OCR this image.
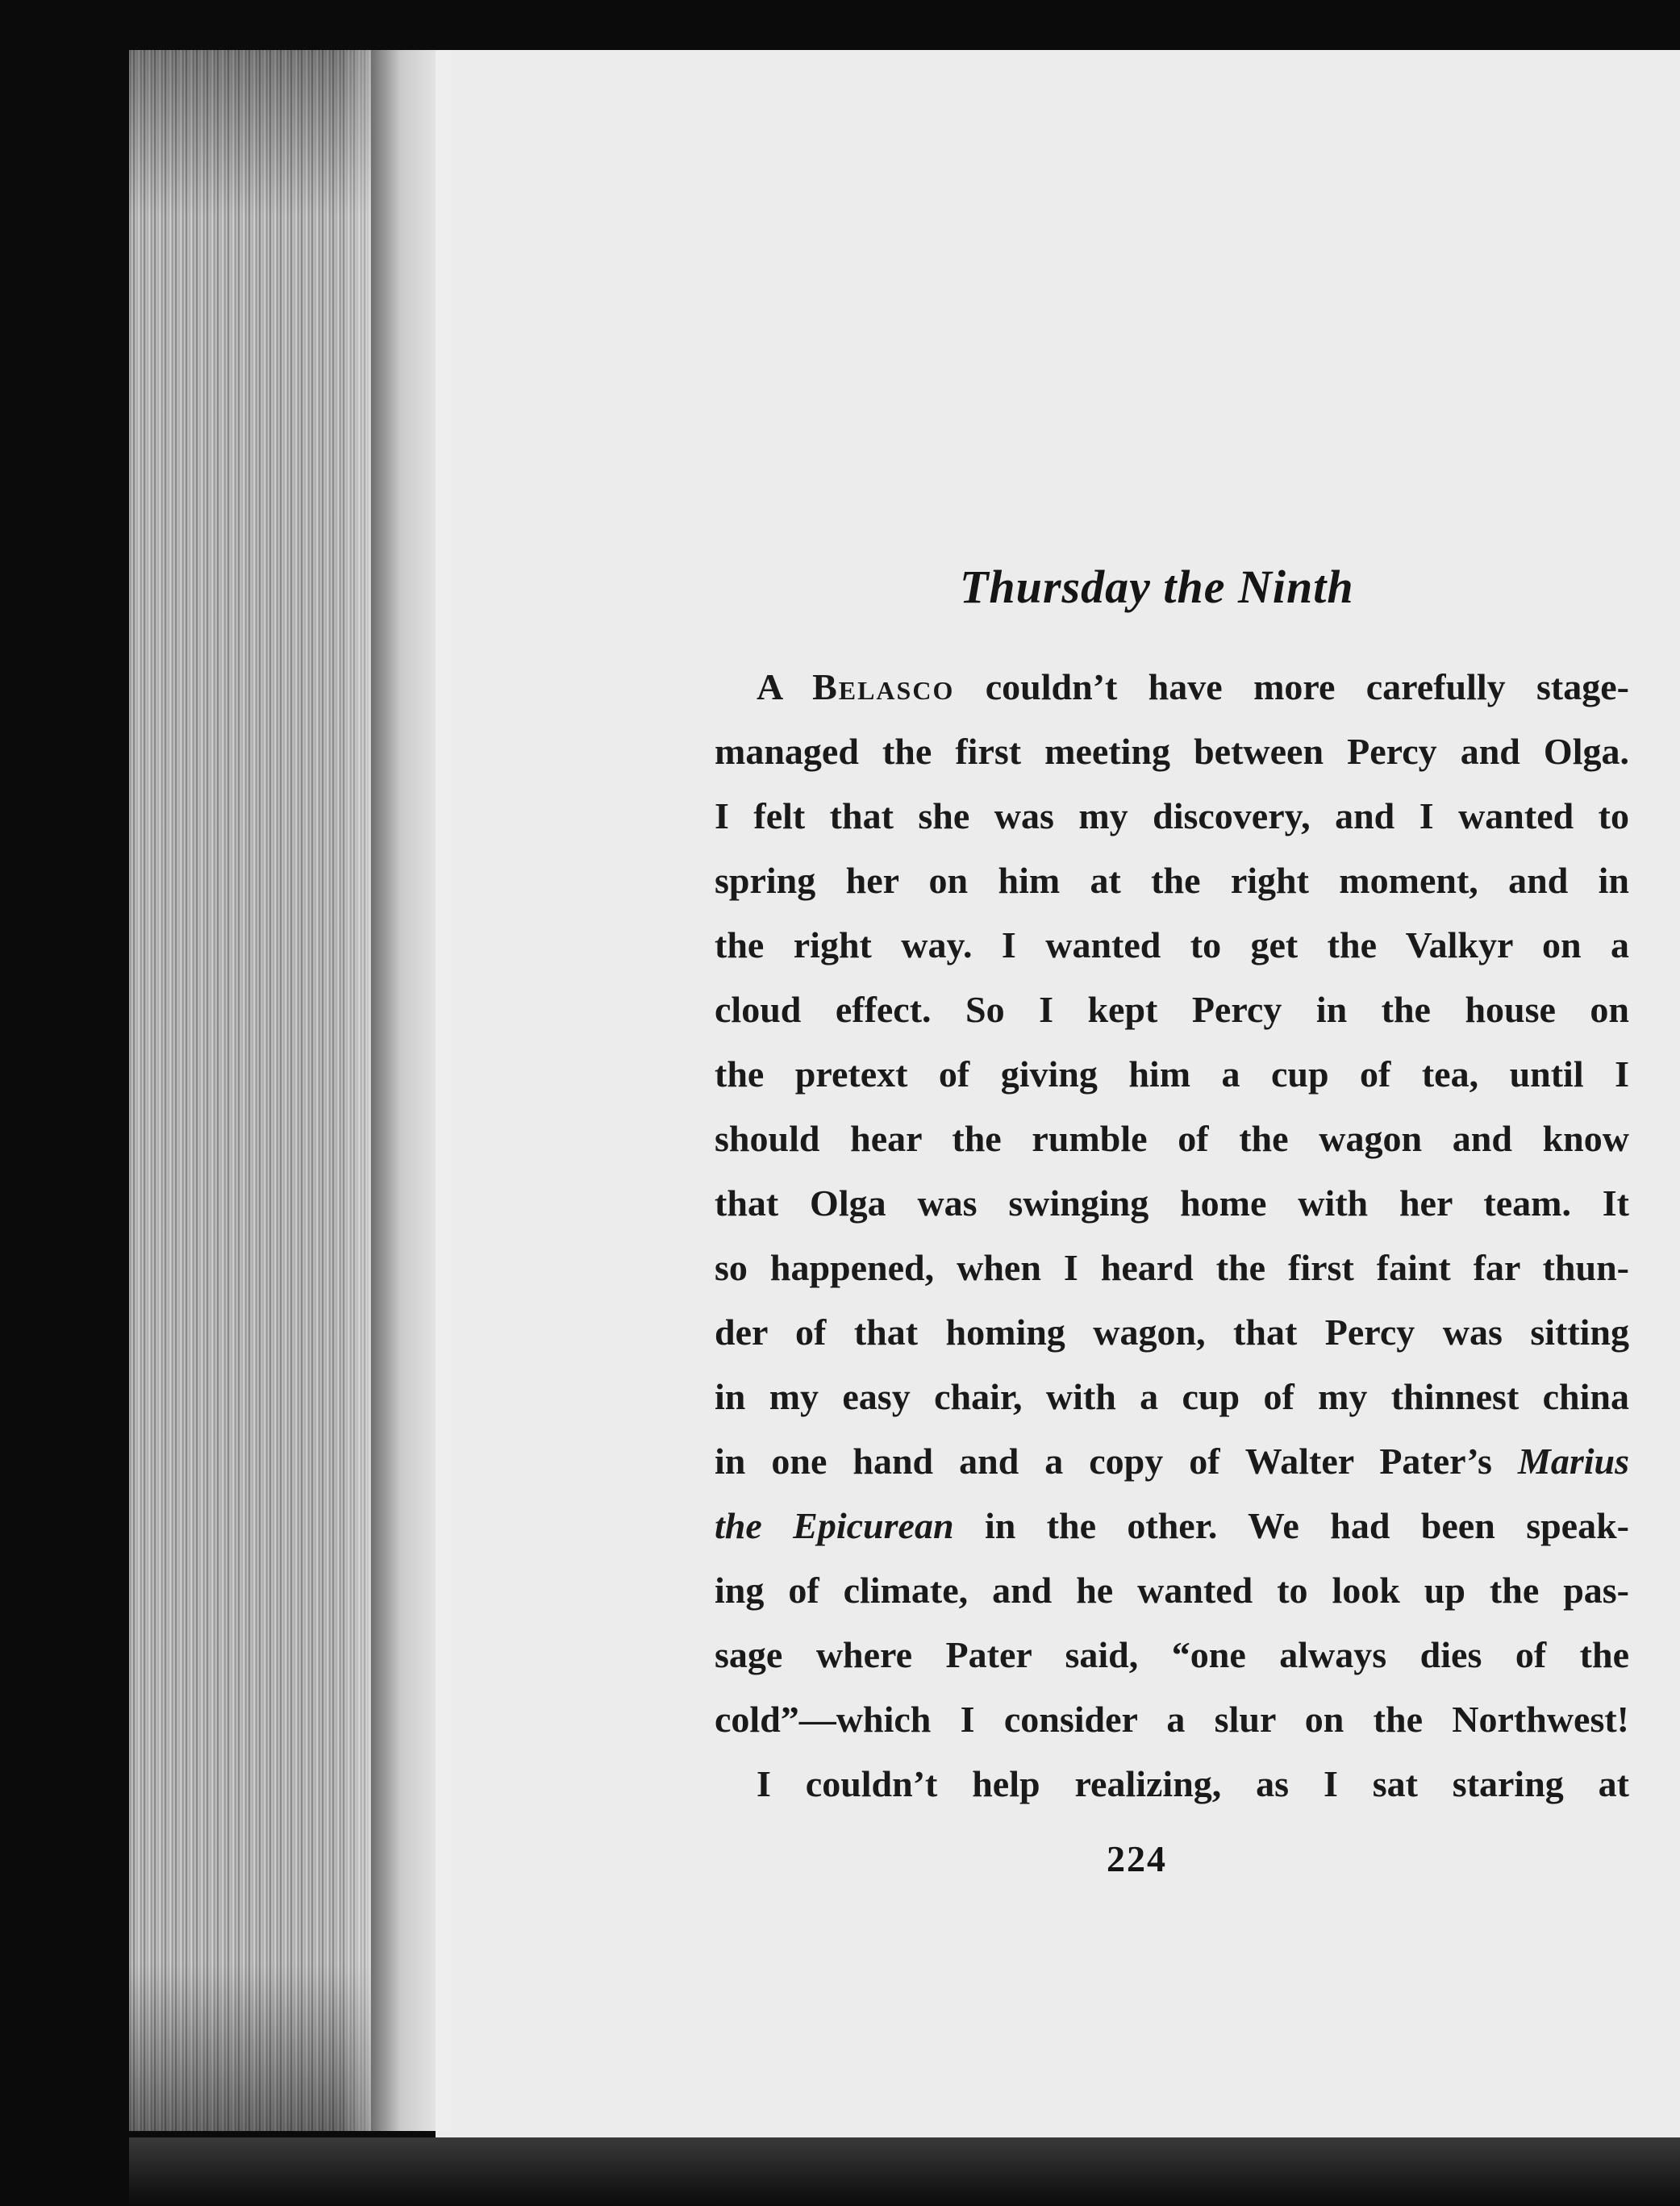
Thursday the Ninth
A Belasco couldn’t have more carefully stage-
managed the first meeting between Percy and Olga.
I felt that she was my discovery, and I wanted to
spring her on him at the right moment, and in
the right way. I wanted to get the Valkyr on a
cloud effect. So I kept Percy in the house on
the pretext of giving him a cup of tea, until I
should hear the rumble of the wagon and know
that Olga was swinging home with her team. It
so happened, when I heard the first faint far thun-
der of that homing wagon, that Percy was sitting
in my easy chair, with a cup of my thinnest china
in one hand and a copy of Walter Pater’s Marius
the Epicurean in the other. We had been speak-
ing of climate, and he wanted to look up the pas-
sage where Pater said, “one always dies of the
cold”—which I consider a slur on the Northwest!
I couldn’t help realizing, as I sat staring at
224
